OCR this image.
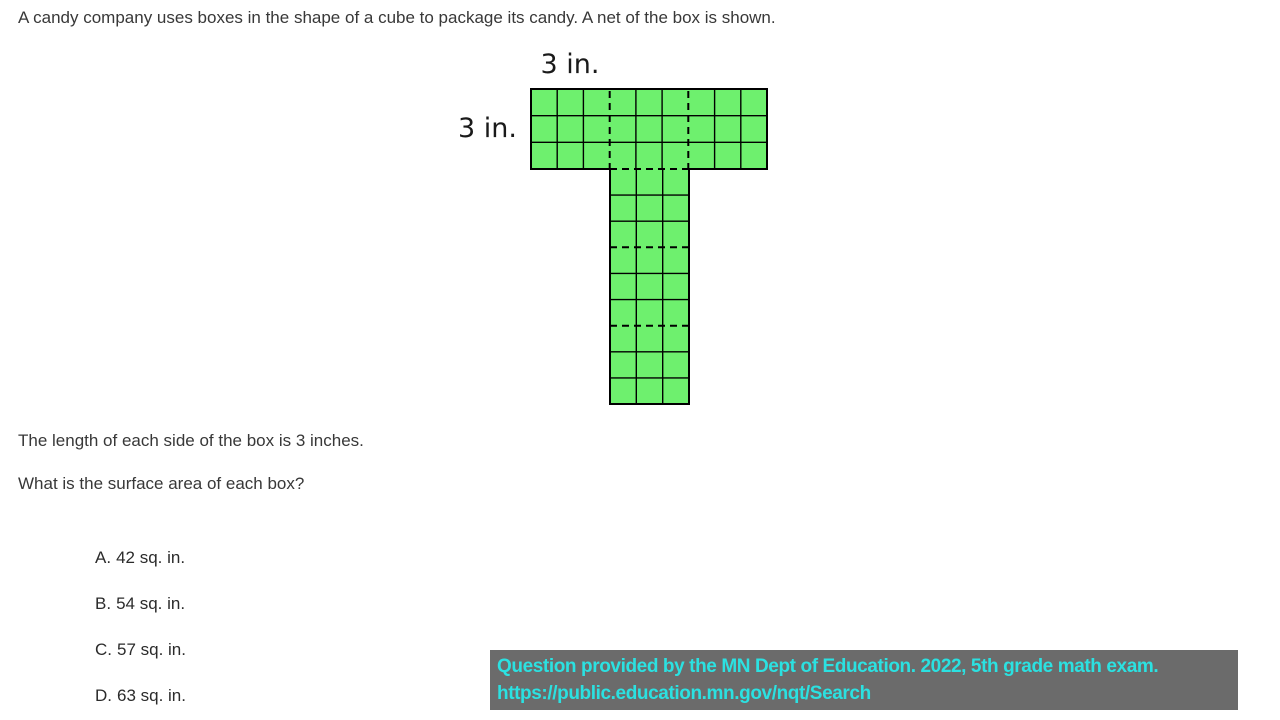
A candy company uses boxes in the shape of a cube to package its candy. A net of the box is shown.
3 in.
3 in.
The length of each side of the box is 3 inches.
What is the surface area of each box?
A. 42 sq. in.
B. 54 sq. in.
C. 57 sq. in.
D. 63 sq. in.
Question provided by the MN Dept of Education. 2022, 5th grade math exam.
https://public.education.mn.gov/nqt/Search
